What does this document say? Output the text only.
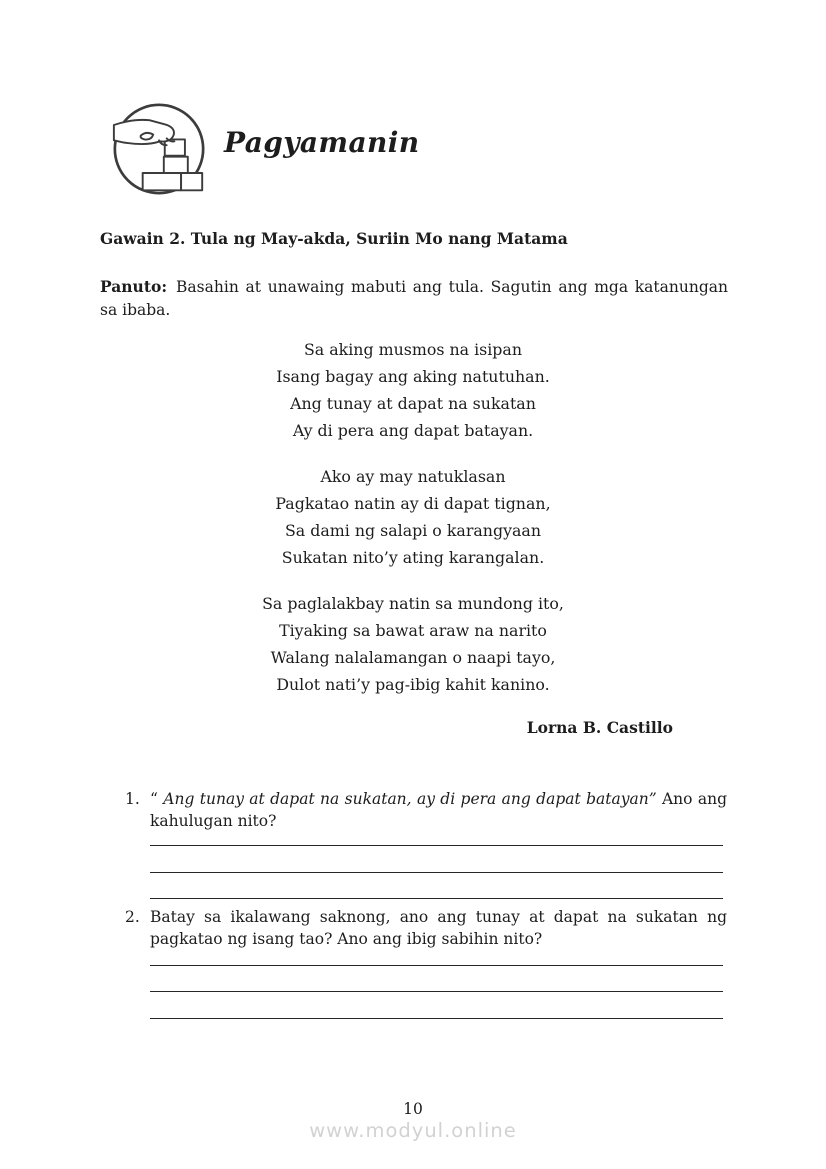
Pagyamanin
Gawain 2. Tula ng May-akda, Suriin Mo nang Matama

Panuto: Basahin at unawaing mabuti ang tula. Sagutin ang mga katanungan sa ibaba.

Sa aking musmos na isipan
Isang bagay ang aking natutuhan.
Ang tunay at dapat na sukatan
Ay di pera ang dapat batayan.
Ako ay may natuklasan
Pagkatao natin ay di dapat tignan,
Sa dami ng salapi o karangyaan
Sukatan nito’y ating karangalan.
Sa paglalakbay natin sa mundong ito,
Tiyaking sa bawat araw na narito
Walang nalalamangan o naapi tayo,
Dulot nati’y pag-ibig kahit kanino.
Lorna B. Castillo
1. “ Ang tunay at dapat na sukatan, ay di pera ang dapat batayan” Ano ang kahulugan nito?

2. Batay sa ikalawang saknong, ano ang tunay at dapat na sukatan ng pagkatao ng isang tao? Ano ang ibig sabihin nito?

10
www.modyul.online
